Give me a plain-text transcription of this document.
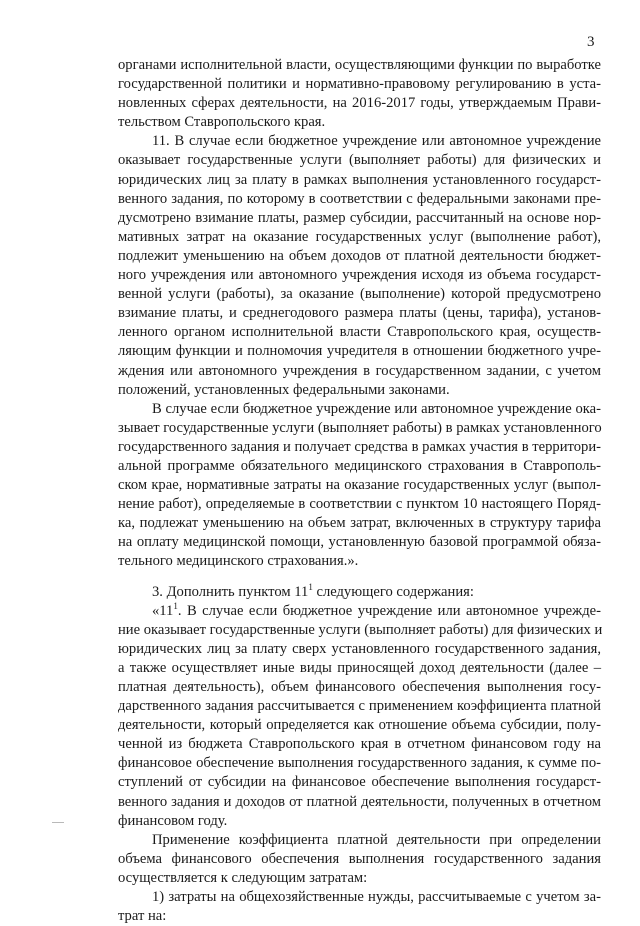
3
органами исполнительной власти, осуществляющими функции по выработке
государственной политики и нормативно-правовому регулированию в уста-
новленных сферах деятельности, на 2016-2017 годы, утверждаемым Прави-
тельством Ставропольского края.
11. В случае если бюджетное учреждение или автономное учреждение
оказывает государственные услуги (выполняет работы) для физических и
юридических лиц за плату в рамках выполнения установленного государст-
венного задания, по которому в соответствии с федеральными законами пре-
дусмотрено взимание платы, размер субсидии, рассчитанный на основе нор-
мативных затрат на оказание государственных услуг (выполнение работ),
подлежит уменьшению на объем доходов от платной деятельности бюджет-
ного учреждения или автономного учреждения исходя из объема государст-
венной услуги (работы), за оказание (выполнение) которой предусмотрено
взимание платы, и среднегодового размера платы (цены, тарифа), установ-
ленного органом исполнительной власти Ставропольского края, осуществ-
ляющим функции и полномочия учредителя в отношении бюджетного учре-
ждения или автономного учреждения в государственном задании, с учетом
положений, установленных федеральными законами.
В случае если бюджетное учреждение или автономное учреждение ока-
зывает государственные услуги (выполняет работы) в рамках установленного
государственного задания и получает средства в рамках участия в территори-
альной программе обязательного медицинского страхования в Ставрополь-
ском крае, нормативные затраты на оказание государственных услуг (выпол-
нение работ), определяемые в соответствии с пунктом 10 настоящего Поряд-
ка, подлежат уменьшению на объем затрат, включенных в структуру тарифа
на оплату медицинской помощи, установленную базовой программой обяза-
тельного медицинского страхования.».
3. Дополнить пунктом $11^1$ следующего содержания:
«$11^1$. В случае если бюджетное учреждение или автономное учрежде-
ние оказывает государственные услуги (выполняет работы) для физических и
юридических лиц за плату сверх установленного государственного задания,
а также осуществляет иные виды приносящей доход деятельности (далее –
платная деятельность), объем финансового обеспечения выполнения госу-
дарственного задания рассчитывается с применением коэффициента платной
деятельности, который определяется как отношение объема субсидии, полу-
ченной из бюджета Ставропольского края в отчетном финансовом году на
финансовое обеспечение выполнения государственного задания, к сумме по-
ступлений от субсидии на финансовое обеспечение выполнения государст-
венного задания и доходов от платной деятельности, полученных в отчетном
финансовом году.
Применение коэффициента платной деятельности при определении
объема финансового обеспечения выполнения государственного задания
осуществляется к следующим затратам:
1) затраты на общехозяйственные нужды, рассчитываемые с учетом за-
трат на:
